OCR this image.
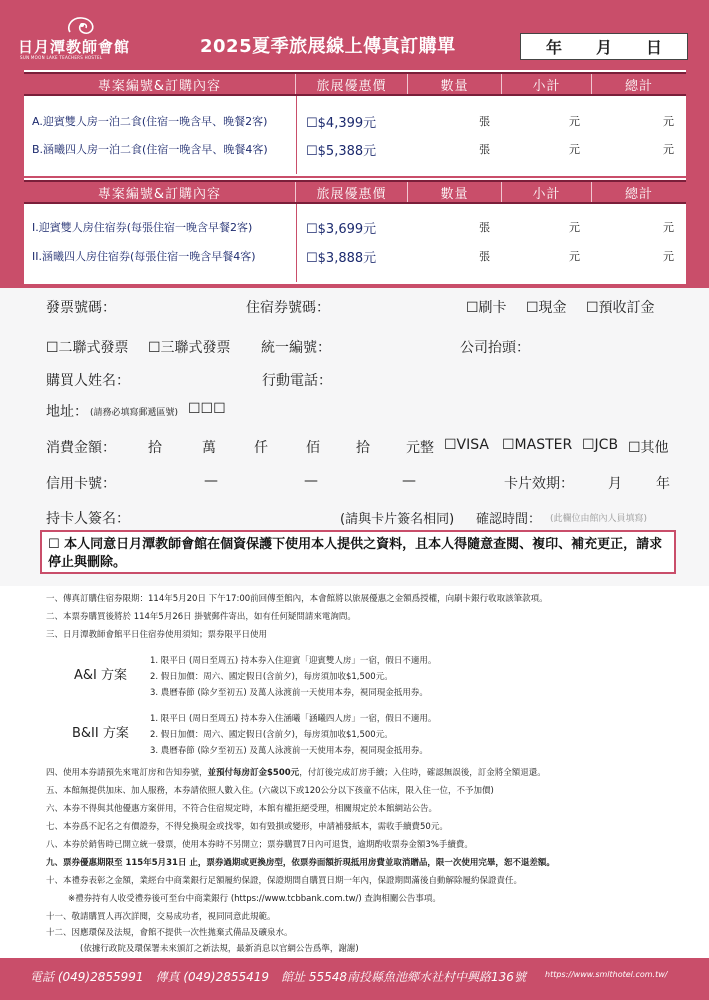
日月潭教師會館
SUN MOON LAKE TEACHERS HOSTEL
2025夏季旅展線上傳真訂購單	年 月 日
專案編號&訂購內容	旅展優惠價	數量	小計	總計
A.迎賓雙人房一泊二食(住宿一晚含早、晚餐2客)	☐$4,399元	張	元	元
B.涵曦四人房一泊二食(住宿一晚含早、晚餐4客)	☐$5,388元	張	元	元
專案編號&訂購內容	旅展優惠價	數量	小計	總計
I.迎賓雙人房住宿券(每張住宿一晚含早餐2客)	☐$3,699元	張	元	元
II.涵曦四人房住宿券(每張住宿一晚含早餐4客)	☐$3,888元	張	元	元
發票號碼：	住宿券號碼：	☐刷卡 ☐現金 ☐預收訂金
☐二聯式發票 ☐三聯式發票 統一編號：	公司抬頭：
購買人姓名：	行動電話：
地址： (請務必填寫郵遞區號) ☐☐☐
消費金額： 拾	萬	仟	佰	拾	元整 ☐VISA ☐MASTER ☐JCB ☐其他
信用卡號：	—	—	—	卡片效期： 月 年
持卡人簽名：	(請與卡片簽名相同) 確認時間： (此欄位由館內人員填寫)
☐ 本人同意日月潭教師會館在個資保護下使用本人提供之資料，且本人得隨意查閱、複印、補充更正，請求停止與刪除。
一、傳真訂購住宿券限期：114年5月20日 下午17:00前回傳至館內，本會館將以旅展優惠之金額爲授權，向刷卡銀行收取該筆款項。
二、本票券購買後將於 114年5月26日 掛號郵件寄出，如有任何疑問請來電詢問。
三、日月潭教師會館平日住宿券使用須知；票券限平日使用
A&I 方案
1. 限平日 (周日至周五) 持本券入住迎賓「迎賓雙人房」一宿，假日不適用。
2. 假日加價：周六、國定假日(含前夕)，每房須加收$1,500元。
3. 農曆春節 (除夕至初五) 及萬人泳渡前一天使用本券，視同現金抵用券。
B&II 方案
1. 限平日 (周日至周五) 持本券入住涵曦「涵曦四人房」一宿，假日不適用。
2. 假日加價：周六、國定假日(含前夕)，每房須加收$1,500元。
3. 農曆春節 (除夕至初五) 及萬人泳渡前一天使用本券，視同現金抵用券。
四、使用本券請預先來電訂房和告知券號，並預付每房訂金$500元，付訂後完成訂房手續；入住時，確認無誤後，訂金將全額退還。
五、本館無提供加床、加人服務，本券請依照人數入住。(六歲以下或120公分以下孩童不佔床，限入住一位，不予加價)
六、本券不得與其他優惠方案併用，不符合住宿規定時，本館有權拒絕受理，相關規定於本館網站公告。
七、本券爲不記名之有價證券，不得兌換現金或找零，如有毀損或變形，申請補發紙本，需收手續費50元。
八、本券於銷售時已開立統一發票，使用本券時不另開立；票券購買7日內可退貨，逾期酌收票券金額3%手續費。
九、票券優惠期限至 115年5月31日 止，票券過期或更換房型，依票券面額折現抵用房費並取消贈品，限一次使用完畢，恕不退差額。
十、本禮券表彰之金額，業經台中商業銀行足額履約保證，保證期間自購買日期一年內，保證期間滿後自動解除履約保證責任。
※禮券持有人收受禮券後可至台中商業銀行 (https://www.tcbbank.com.tw/) 查詢相關公告事項。
十一、敬請購買人再次詳閱，交易成功者，視同同意此規範。
十二、因應環保及法規，會館不提供一次性拋棄式備品及礦泉水。
(依據行政院及環保署未來頒訂之新法規，最新消息以官網公告爲準，謝謝)
電話 (049)2855991　傳真 (049)2855419　館址 55548南投縣魚池鄉水社村中興路136號 https://www.smlthotel.com.tw/
